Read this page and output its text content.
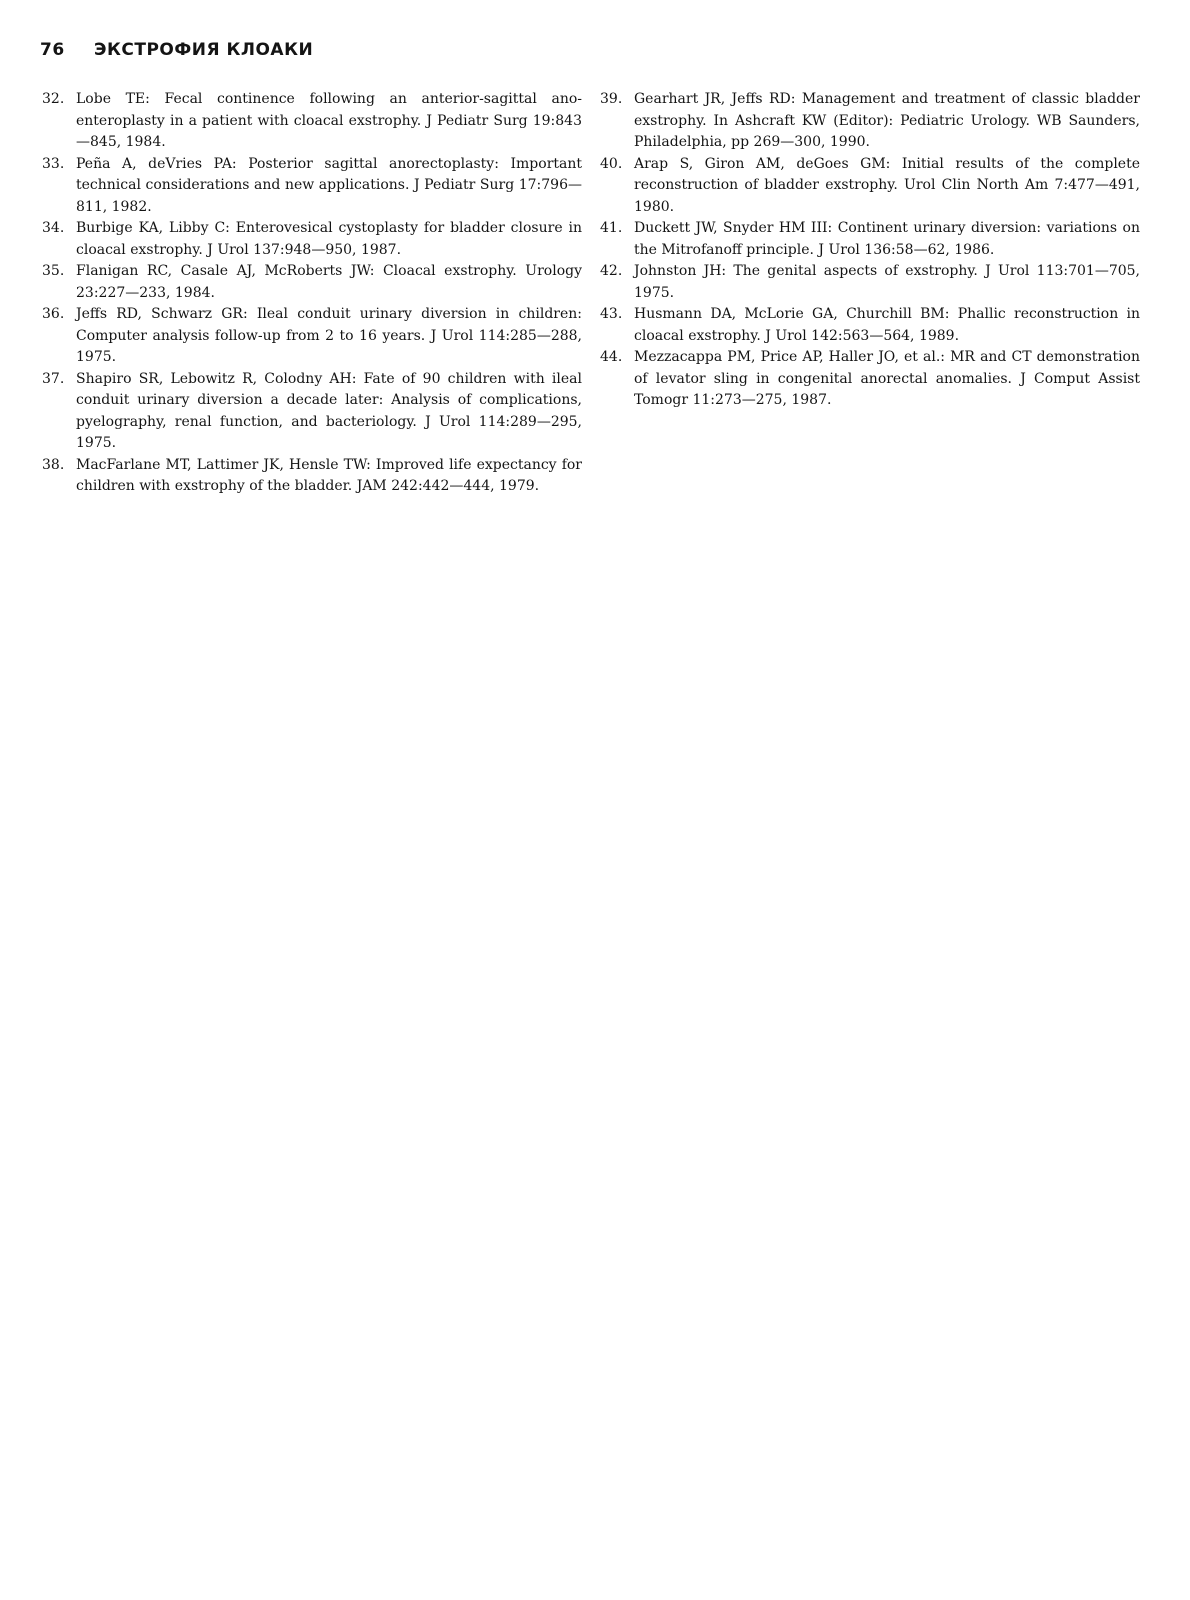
76	ЭКСТРОФИЯ КЛОАКИ
32. Lobe TE: Fecal continence following an anterior-sagittal ano-enteroplasty in a patient with cloacal exstrophy. J Pediatr Surg 19:843—845, 1984.
33. Peña A, deVries PA: Posterior sagittal anorectoplasty: Important technical considerations and new applications. J Pediatr Surg 17:796—811, 1982.
34. Burbige KA, Libby C: Enterovesical cystoplasty for bladder closure in cloacal exstrophy. J Urol 137:948—950, 1987.
35. Flanigan RC, Casale AJ, McRoberts JW: Cloacal exstrophy. Urology 23:227—233, 1984.
36. Jeffs RD, Schwarz GR: Ileal conduit urinary diversion in children: Computer analysis follow-up from 2 to 16 years. J Urol 114:285—288, 1975.
37. Shapiro SR, Lebowitz R, Colodny AH: Fate of 90 children with ileal conduit urinary diversion a decade later: Analysis of complications, pyelography, renal function, and bacteriology. J Urol 114:289—295, 1975.
38. MacFarlane MT, Lattimer JK, Hensle TW: Improved life expectancy for children with exstrophy of the bladder. JAM 242:442—444, 1979.
39. Gearhart JR, Jeffs RD: Management and treatment of classic bladder exstrophy. In Ashcraft KW (Editor): Pediatric Urology. WB Saunders, Philadelphia, pp 269—300, 1990.
40. Arap S, Giron AM, deGoes GM: Initial results of the complete reconstruction of bladder exstrophy. Urol Clin North Am 7:477—491, 1980.
41. Duckett JW, Snyder HM III: Continent urinary diversion: variations on the Mitrofanoff principle. J Urol 136:58—62, 1986.
42. Johnston JH: The genital aspects of exstrophy. J Urol 113:701—705, 1975.
43. Husmann DA, McLorie GA, Churchill BM: Phallic reconstruction in cloacal exstrophy. J Urol 142:563—564, 1989.
44. Mezzacappa PM, Price AP, Haller JO, et al.: MR and CT demonstration of levator sling in congenital anorectal anomalies. J Comput Assist Tomogr 11:273—275, 1987.
